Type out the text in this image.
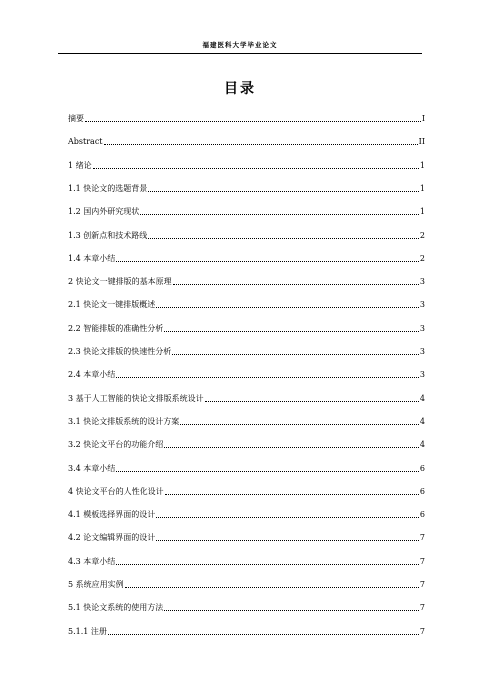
福建医科大学毕业论文
目录
摘要	I
Abstract	II
1 绪论	1
1.1 快论文的选题背景	1
1.2 国内外研究现状	1
1.3 创新点和技术路线	2
1.4 本章小结	2
2 快论文一键排版的基本原理	3
2.1 快论文一键排版概述	3
2.2 智能排版的准确性分析	3
2.3 快论文排版的快速性分析	3
2.4 本章小结	3
3 基于人工智能的快论文排版系统设计	4
3.1 快论文排版系统的设计方案	4
3.2 快论文平台的功能介绍	4
3.4 本章小结	6
4 快论文平台的人性化设计	6
4.1 模板选择界面的设计	6
4.2 论文编辑界面的设计	7
4.3 本章小结	7
5 系统应用实例	7
5.1 快论文系统的使用方法	7
5.1.1 注册	7
